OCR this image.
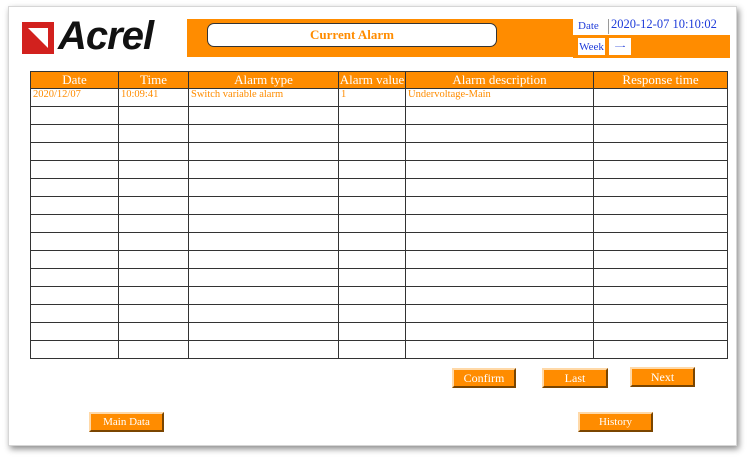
Acrel	Current Alarm
Date 2020-12-07 10:10:02
Week 一
Date	Time	Alarm type	Alarm value	Alarm description	Response time
2020/12/07	10:09:41	Switch variable alarm	1	Undervoltage-Main	

Confirm	Last	Next
Main Data	History
